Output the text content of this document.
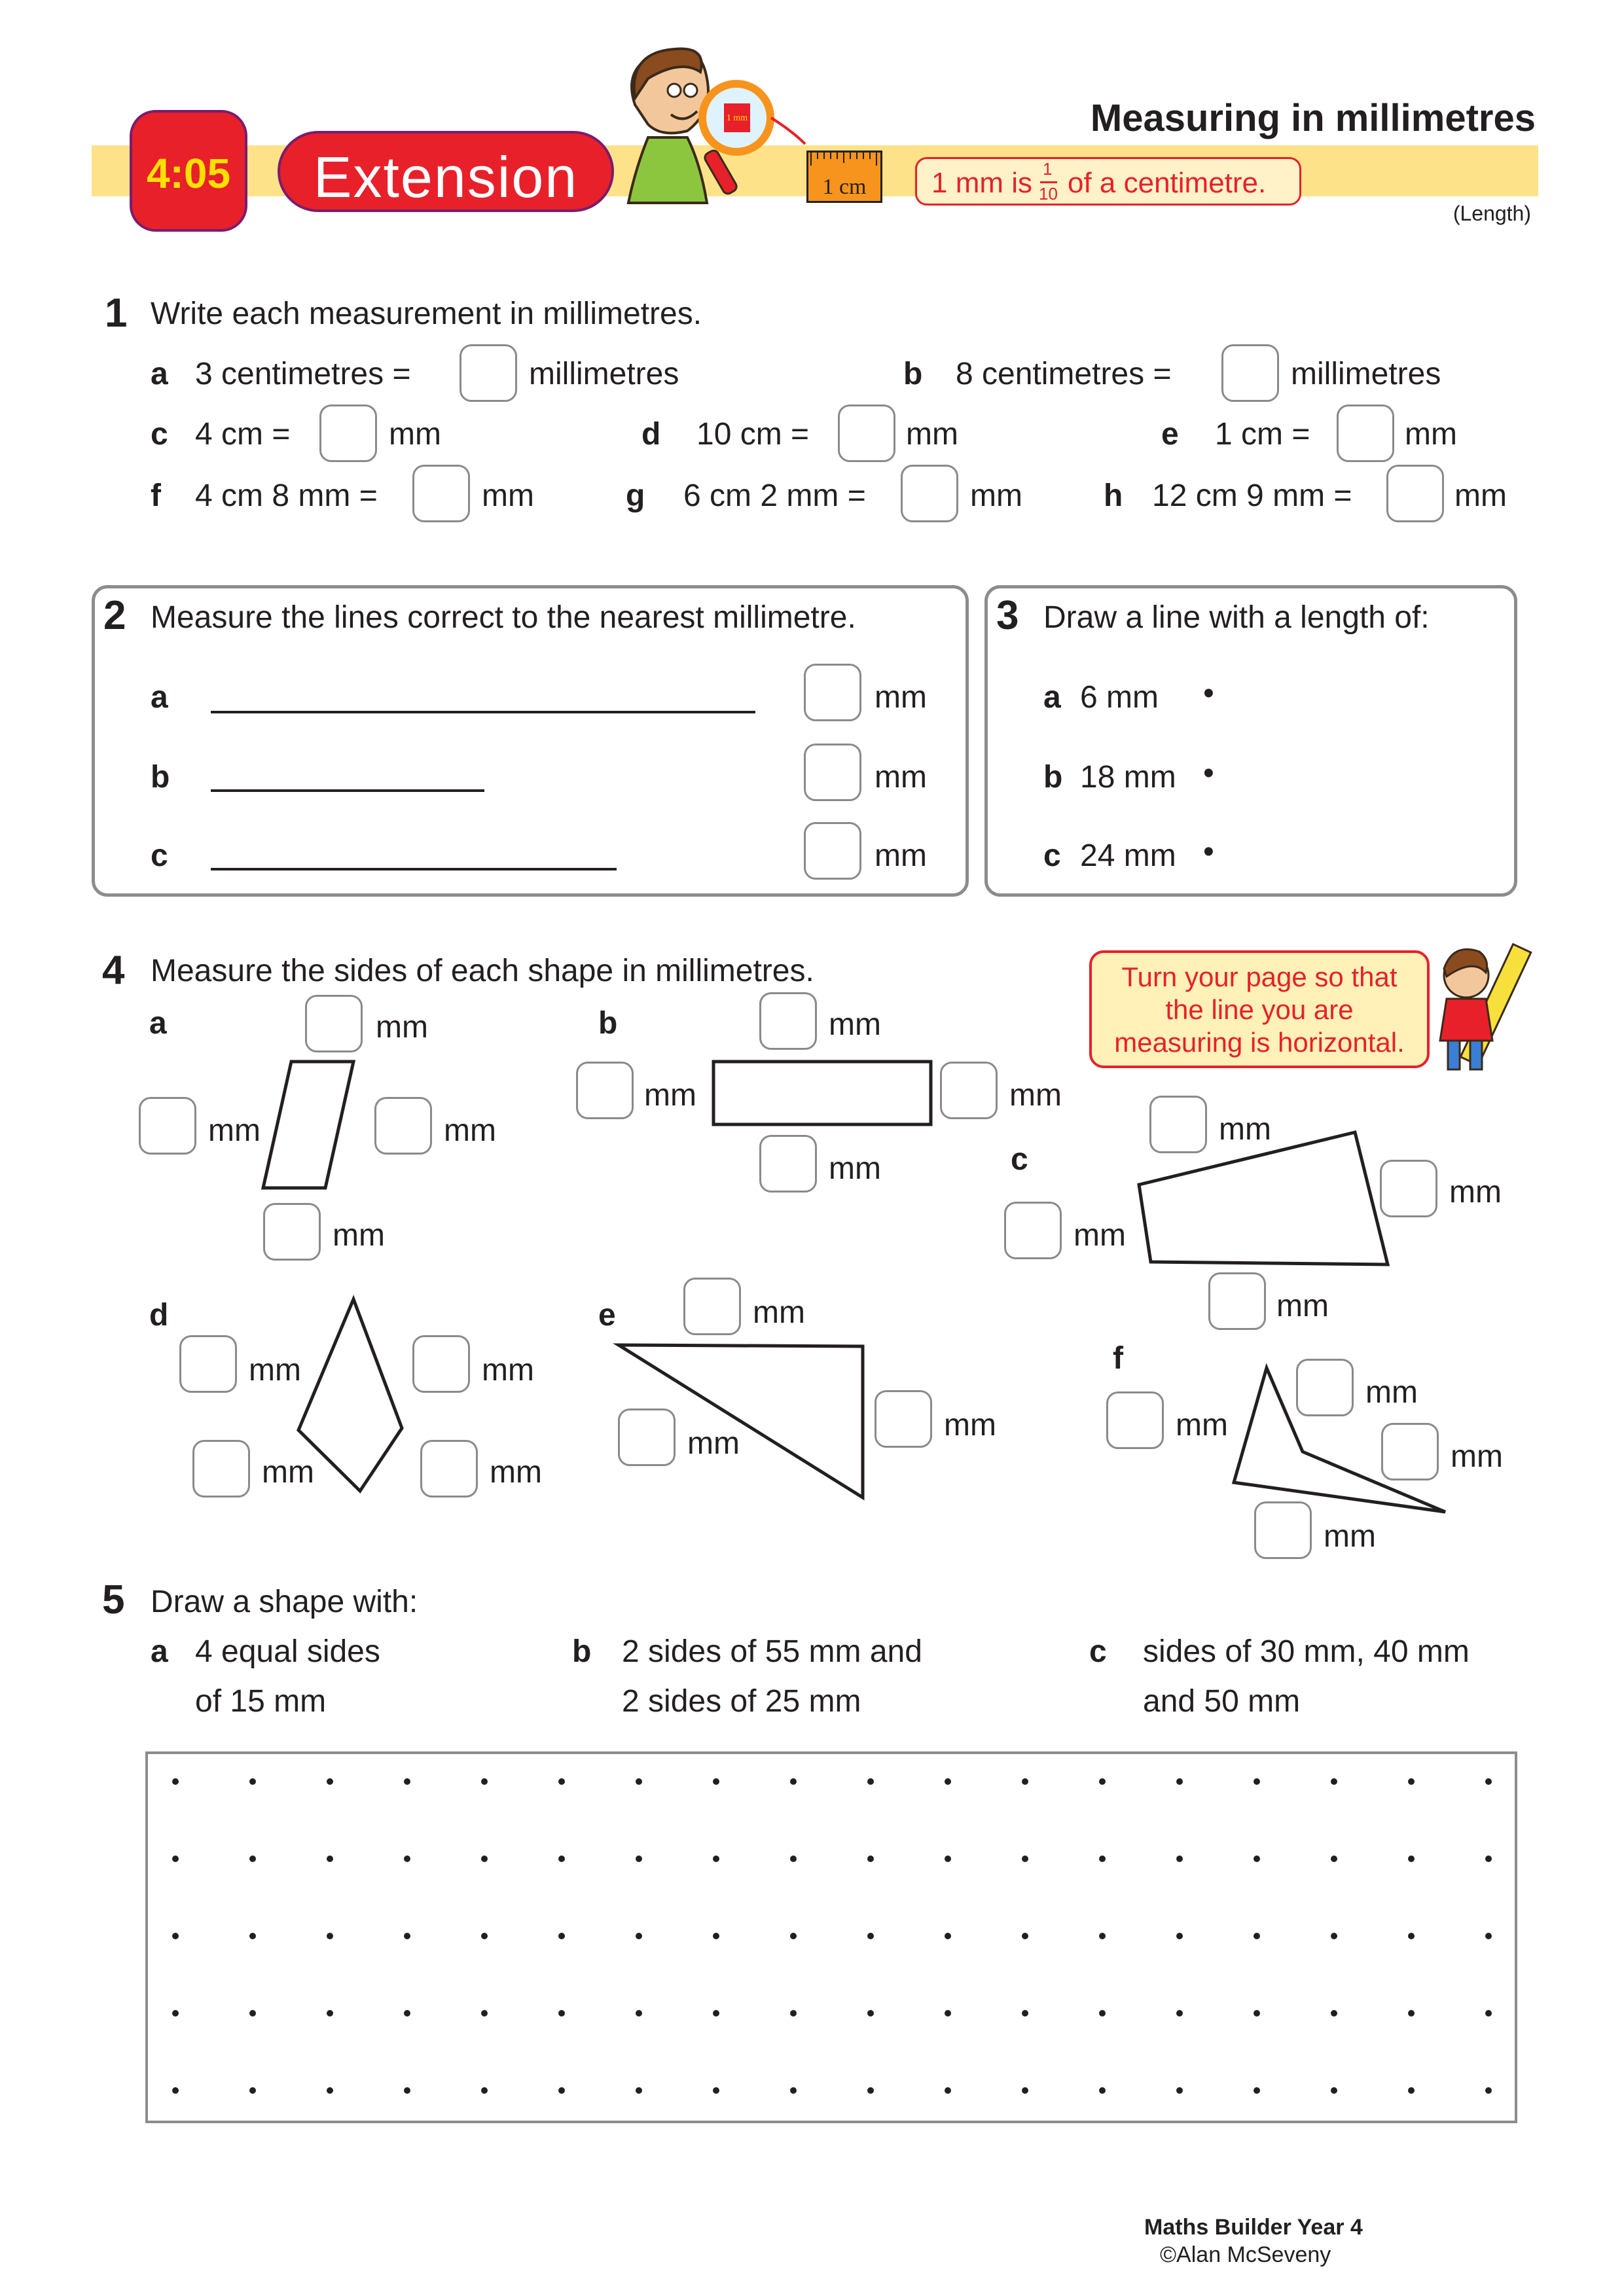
4:05	Extension
1 mm
1 cm	1 mm is 1
10 of a centimetre.
Measuring in millimetres
(Length)
1 Write each measurement in millimetres.
a 3 centimetres =	millimetres	b 8 centimetres =	millimetres
c 4 cm =	mm	d 10 cm =	mm	e 1 cm =	mm
f 4 cm 8 mm =	mm	g 6 cm 2 mm =	mm	h 12 cm 9 mm =	mm
2 Measure the lines correct to the nearest millimetre.
a	mm
b	mm
c	mm
3 Draw a line with a length of:
a 6 mm •
b 18 mm •
c 24 mm •
4 Measure the sides of each shape in millimetres.	Turn your page so that
the line you are
measuring is horizontal.
a	mm
mm	mm
mm
b	mm
mm	mm
mm	c
mm
mm
mm
mm
d
mm	mm
mm	mm
e	mm
mm
mm
f
mm
mm
mm
mm
5 Draw a shape with:
a 4 equal sides
of 15 mm
b 2 sides of 55 mm and
2 sides of 25 mm
c sides of 30 mm, 40 mm
and 50 mm
Maths Builder Year 4
©Alan McSeveny
